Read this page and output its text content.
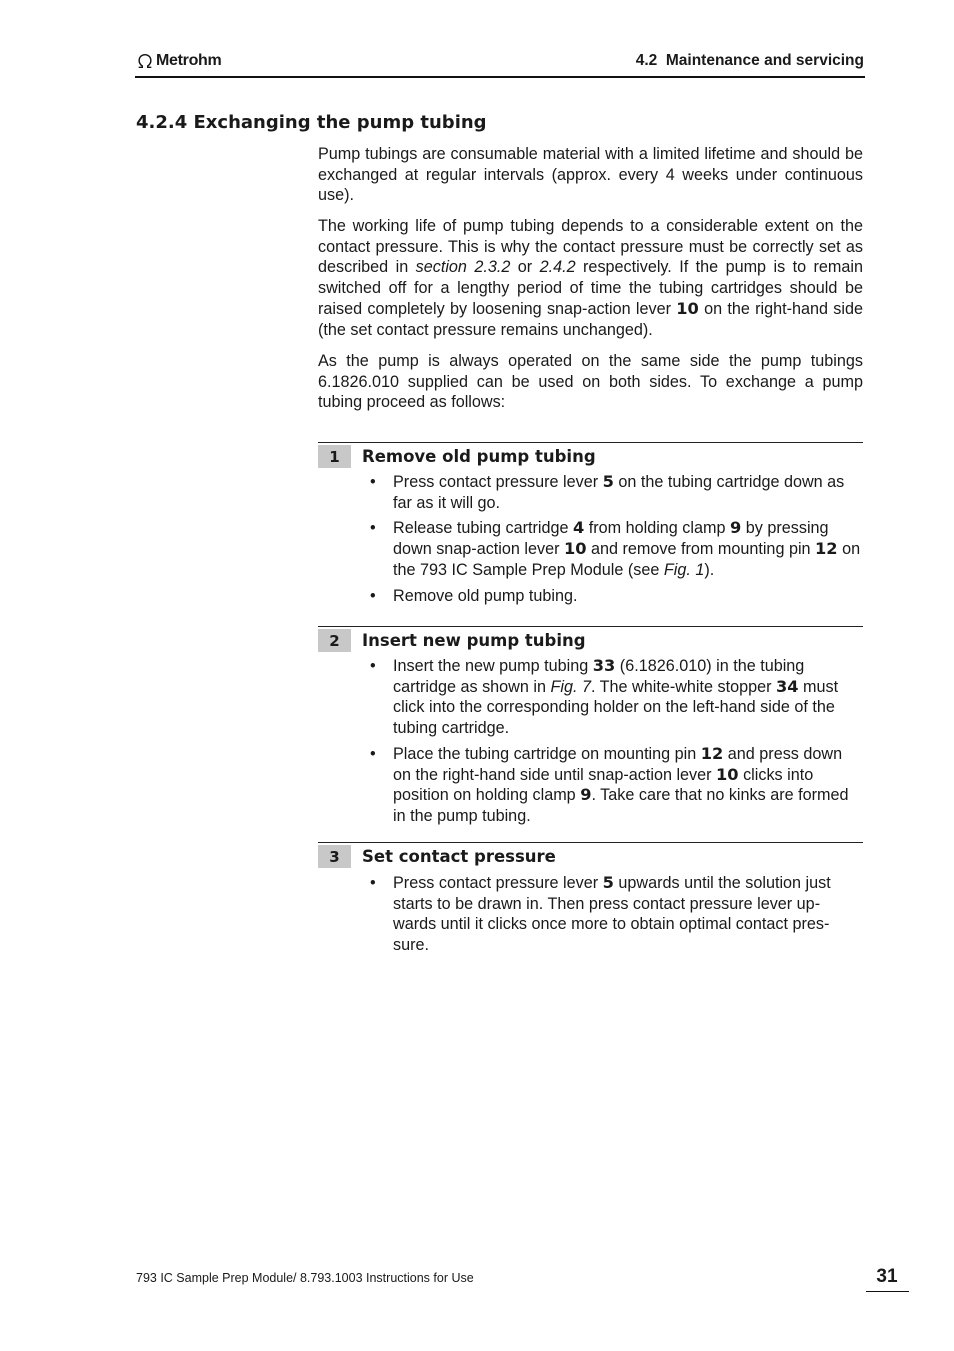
Metrohm	4.2  Maintenance and servicing
4.2.4 Exchanging the pump tubing

Pump tubings are consumable material with a limited lifetime and should be exchanged at regular intervals (approx. every 4 weeks under continuous use).

The working life of pump tubing depends to a considerable extent on the contact pressure. This is why the contact pressure must be correctly set as described in section 2.3.2 or 2.4.2 respectively. If the pump is to remain switched off for a lengthy period of time the tubing cartridges should be raised completely by loosening snap-action lever 10 on the right-hand side (the set contact pressure remains unchanged).

As the pump is always operated on the same side the pump tubings 6.1826.010 supplied can be used on both sides. To exchange a pump tubing proceed as follows:

1	Remove old pump tubing
• Press contact pressure lever 5 on the tubing cartridge down as far as it will go.
• Release tubing cartridge 4 from holding clamp 9 by pressing down snap-action lever 10 and remove from mounting pin 12 on the 793 IC Sample Prep Module (see Fig. 1).
• Remove old pump tubing.
2	Insert new pump tubing
• Insert the new pump tubing 33 (6.1826.010) in the tubing cartridge as shown in Fig. 7. The white-white stopper 34 must click into the corresponding holder on the left-hand side of the tubing cartridge.
• Place the tubing cartridge on mounting pin 12 and press down on the right-hand side until snap-action lever 10 clicks into position on holding clamp 9. Take care that no kinks are formed in the pump tubing.
3	Set contact pressure
• Press contact pressure lever 5 upwards until the solution just starts to be drawn in. Then press contact pressure lever up-wards until it clicks once more to obtain optimal contact pres-sure.
793 IC Sample Prep Module/ 8.793.1003 Instructions for Use	31
